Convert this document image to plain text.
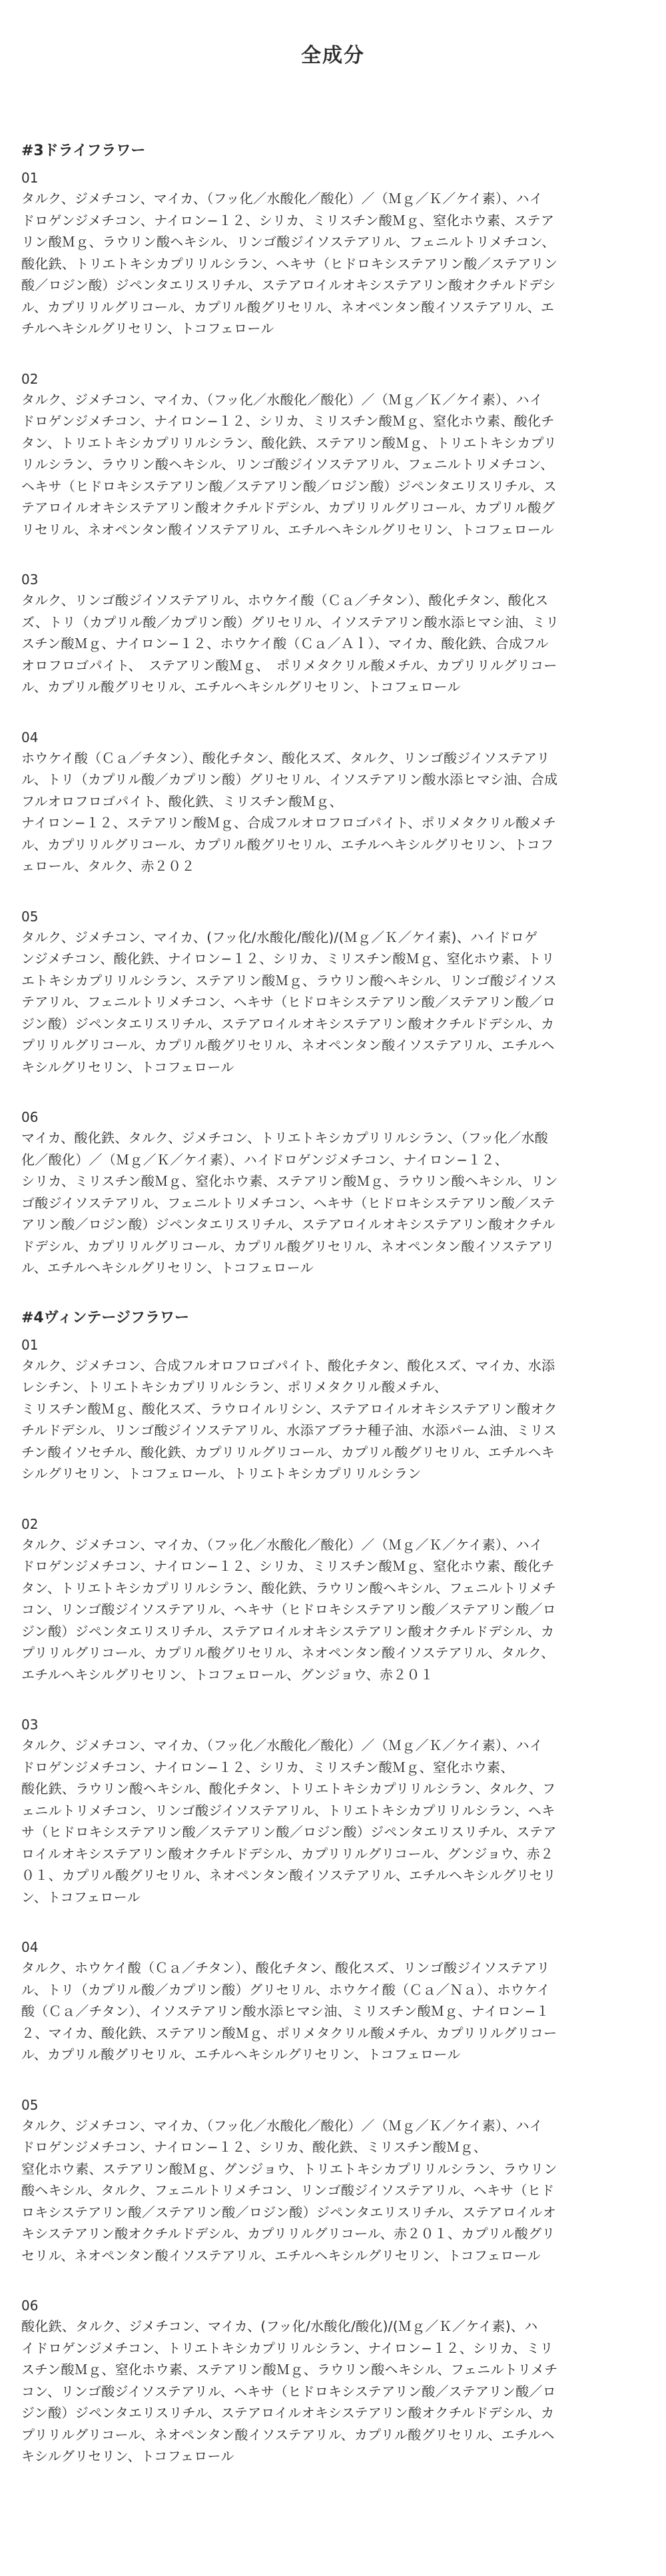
全成分
#3ドライフラワー

01

タルク、ジメチコン、マイカ、（フッ化／水酸化／酸化）／（Ｍｇ／Ｋ／ケイ素）、ハイ
ドロゲンジメチコン、ナイロン−１２、シリカ、ミリスチン酸Ｍｇ、窒化ホウ素、ステア
リン酸Ｍｇ、ラウリン酸ヘキシル、リンゴ酸ジイソステアリル、フェニルトリメチコン、
酸化鉄、トリエトキシカプリリルシラン、ヘキサ（ヒドロキシステアリン酸／ステアリン
酸／ロジン酸）ジペンタエリスリチル、ステアロイルオキシステアリン酸オクチルドデシ
ル、カプリリルグリコール、カプリル酸グリセリル、ネオペンタン酸イソステアリル、エ
チルヘキシルグリセリン、トコフェロール

02

タルク、ジメチコン、マイカ、（フッ化／水酸化／酸化）／（Ｍｇ／Ｋ／ケイ素）、ハイ
ドロゲンジメチコン、ナイロン−１２、シリカ、ミリスチン酸Ｍｇ、窒化ホウ素、酸化チ
タン、トリエトキシカプリリルシラン、酸化鉄、ステアリン酸Ｍｇ、トリエトキシカプリ
リルシラン、ラウリン酸ヘキシル、リンゴ酸ジイソステアリル、フェニルトリメチコン、
ヘキサ（ヒドロキシステアリン酸／ステアリン酸／ロジン酸）ジペンタエリスリチル、ス
テアロイルオキシステアリン酸オクチルドデシル、カプリリルグリコール、カプリル酸グ
リセリル、ネオペンタン酸イソステアリル、エチルヘキシルグリセリン、トコフェロール

03

タルク、リンゴ酸ジイソステアリル、ホウケイ酸（Ｃａ／チタン）、酸化チタン、酸化ス
ズ、トリ（カプリル酸／カプリン酸）グリセリル、イソステアリン酸水添ヒマシ油、ミリ
スチン酸Ｍｇ、ナイロン−１２、ホウケイ酸（Ｃａ／Ａｌ）、マイカ、酸化鉄、合成フル
オロフロゴパイト、　ステアリン酸Ｍｇ、　ポリメタクリル酸メチル、カプリリルグリコー
ル、カプリル酸グリセリル、エチルヘキシルグリセリン、トコフェロール

04

ホウケイ酸（Ｃａ／チタン）、酸化チタン、酸化スズ、タルク、リンゴ酸ジイソステアリ
ル、トリ（カプリル酸／カプリン酸）グリセリル、イソステアリン酸水添ヒマシ油、合成
フルオロフロゴパイト、酸化鉄、ミリスチン酸Ｍｇ、
ナイロン−１２、ステアリン酸Ｍｇ、合成フルオロフロゴパイト、ポリメタクリル酸メチ
ル、カプリリルグリコール、カプリル酸グリセリル、エチルヘキシルグリセリン、トコフ
ェロール、タルク、赤２０２

05

タルク、ジメチコン、マイカ、(フッ化/水酸化/酸化)/(Ｍｇ／Ｋ／ケイ素)、ハイドロゲ
ンジメチコン、酸化鉄、ナイロン−１２、シリカ、ミリスチン酸Ｍｇ、窒化ホウ素、トリ
エトキシカプリリルシラン、ステアリン酸Ｍｇ、ラウリン酸ヘキシル、リンゴ酸ジイソス
テアリル、フェニルトリメチコン、ヘキサ（ヒドロキシステアリン酸／ステアリン酸／ロ
ジン酸）ジペンタエリスリチル、ステアロイルオキシステアリン酸オクチルドデシル、カ
プリリルグリコール、カプリル酸グリセリル、ネオペンタン酸イソステアリル、エチルヘ
キシルグリセリン、トコフェロール

06

マイカ、酸化鉄、タルク、ジメチコン、トリエトキシカプリリルシラン、（フッ化／水酸
化／酸化）／（Ｍｇ／Ｋ／ケイ素）、ハイドロゲンジメチコン、ナイロン−１２、
シリカ、ミリスチン酸Ｍｇ、窒化ホウ素、ステアリン酸Ｍｇ、ラウリン酸ヘキシル、リン
ゴ酸ジイソステアリル、フェニルトリメチコン、ヘキサ（ヒドロキシステアリン酸／ステ
アリン酸／ロジン酸）ジペンタエリスリチル、ステアロイルオキシステアリン酸オクチル
ドデシル、カプリリルグリコール、カプリル酸グリセリル、ネオペンタン酸イソステアリ
ル、エチルヘキシルグリセリン、トコフェロール

#4ヴィンテージフラワー

01

タルク、ジメチコン、合成フルオロフロゴパイト、酸化チタン、酸化スズ、マイカ、水添
レシチン、トリエトキシカプリリルシラン、ポリメタクリル酸メチル、
ミリスチン酸Ｍｇ、酸化スズ、ラウロイルリシン、ステアロイルオキシステアリン酸オク
チルドデシル、リンゴ酸ジイソステアリル、水添アブラナ種子油、水添パーム油、ミリス
チン酸イソセチル、酸化鉄、カプリリルグリコール、カプリル酸グリセリル、エチルヘキ
シルグリセリン、トコフェロール、トリエトキシカプリリルシラン

02

タルク、ジメチコン、マイカ、（フッ化／水酸化／酸化）／（Ｍｇ／Ｋ／ケイ素）、ハイ
ドロゲンジメチコン、ナイロン−１２、シリカ、ミリスチン酸Ｍｇ、窒化ホウ素、酸化チ
タン、トリエトキシカプリリルシラン、酸化鉄、ラウリン酸ヘキシル、フェニルトリメチ
コン、リンゴ酸ジイソステアリル、ヘキサ（ヒドロキシステアリン酸／ステアリン酸／ロ
ジン酸）ジペンタエリスリチル、ステアロイルオキシステアリン酸オクチルドデシル、カ
プリリルグリコール、カプリル酸グリセリル、ネオペンタン酸イソステアリル、タルク、
エチルヘキシルグリセリン、トコフェロール、グンジョウ、赤２０１

03

タルク、ジメチコン、マイカ、（フッ化／水酸化／酸化）／（Ｍｇ／Ｋ／ケイ素）、ハイ
ドロゲンジメチコン、ナイロン−１２、シリカ、ミリスチン酸Ｍｇ、窒化ホウ素、
酸化鉄、ラウリン酸ヘキシル、酸化チタン、トリエトキシカプリリルシラン、タルク、フ
ェニルトリメチコン、リンゴ酸ジイソステアリル、トリエトキシカプリリルシラン、ヘキ
サ（ヒドロキシステアリン酸／ステアリン酸／ロジン酸）ジペンタエリスリチル、ステア
ロイルオキシステアリン酸オクチルドデシル、カプリリルグリコール、グンジョウ、赤２
０１、カプリル酸グリセリル、ネオペンタン酸イソステアリル、エチルヘキシルグリセリ
ン、トコフェロール

04

タルク、ホウケイ酸（Ｃａ／チタン）、酸化チタン、酸化スズ、リンゴ酸ジイソステアリ
ル、トリ（カプリル酸／カプリン酸）グリセリル、ホウケイ酸（Ｃａ／Ｎａ）、ホウケイ
酸（Ｃａ／チタン）、イソステアリン酸水添ヒマシ油、ミリスチン酸Ｍｇ、ナイロン−１
２、マイカ、酸化鉄、ステアリン酸Ｍｇ、ポリメタクリル酸メチル、カプリリルグリコー
ル、カプリル酸グリセリル、エチルヘキシルグリセリン、トコフェロール

05

タルク、ジメチコン、マイカ、（フッ化／水酸化／酸化）／（Ｍｇ／Ｋ／ケイ素）、ハイ
ドロゲンジメチコン、ナイロン−１２、シリカ、酸化鉄、ミリスチン酸Ｍｇ、
窒化ホウ素、ステアリン酸Ｍｇ、グンジョウ、トリエトキシカプリリルシラン、ラウリン
酸ヘキシル、タルク、フェニルトリメチコン、リンゴ酸ジイソステアリル、ヘキサ（ヒド
ロキシステアリン酸／ステアリン酸／ロジン酸）ジペンタエリスリチル、ステアロイルオ
キシステアリン酸オクチルドデシル、カプリリルグリコール、赤２０１、カプリル酸グリ
セリル、ネオペンタン酸イソステアリル、エチルヘキシルグリセリン、トコフェロール

06

酸化鉄、タルク、ジメチコン、マイカ、(フッ化/水酸化/酸化)/(Ｍｇ／Ｋ／ケイ素)、ハ
イドロゲンジメチコン、トリエトキシカプリリルシラン、ナイロン−１２、シリカ、ミリ
スチン酸Ｍｇ、窒化ホウ素、ステアリン酸Ｍｇ、ラウリン酸ヘキシル、フェニルトリメチ
コン、リンゴ酸ジイソステアリル、ヘキサ（ヒドロキシステアリン酸／ステアリン酸／ロ
ジン酸）ジペンタエリスリチル、ステアロイルオキシステアリン酸オクチルドデシル、カ
プリリルグリコール、ネオペンタン酸イソステアリル、カプリル酸グリセリル、エチルヘ
キシルグリセリン、トコフェロール
